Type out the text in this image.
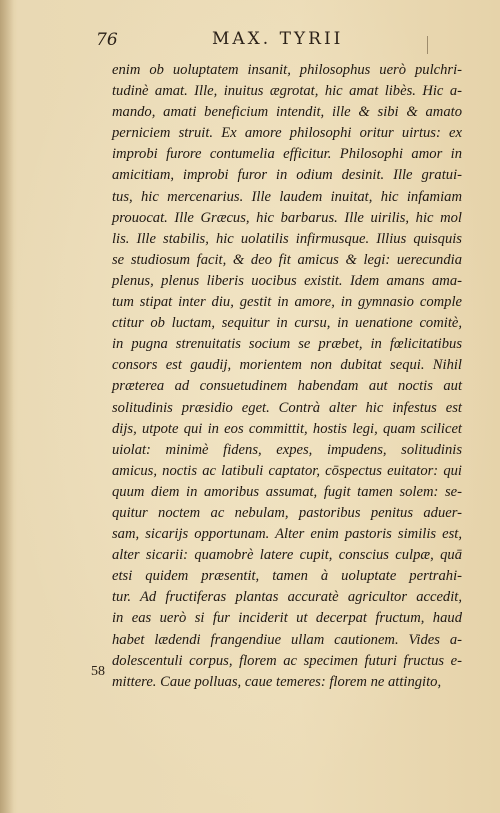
76	MAX. TYRII
58
enim ob uoluptatem insanit, philosophus uerò pulchri-
tudinè amat. Ille, inuitus ægrotat, hic amat libès. Hic a-
mando, amati beneficium intendit, ille & sibi & amato
perniciem struit. Ex amore philosophi oritur uirtus: ex
improbi furore contumelia efficitur. Philosophi amor in
amicitiam, improbi furor in odium desinit. Ille gratui-
tus, hic mercenarius. Ille laudem inuitat, hic infamiam
prouocat. Ille Græcus, hic barbarus. Ille uirilis, hic mol
lis. Ille stabilis, hic uolatilis infirmusque. Illius quisquis
se studiosum facit, & deo fit amicus & legi: uerecundia
plenus, plenus liberis uocibus existit. Idem amans ama-
tum stipat inter diu, gestit in amore, in gymnasio comple
ctitur ob luctam, sequitur in cursu, in uenatione comitè,
in pugna strenuitatis socium se præbet, in fœlicitatibus
consors est gaudij, morientem non dubitat sequi. Nihil
præterea ad consuetudinem habendam aut noctis aut
solitudinis præsidio eget. Contrà alter hic infestus est
dijs, utpote qui in eos committit, hostis legi, quam scilicet
uiolat: minimè fidens, expes, impudens, solitudinis
amicus, noctis ac latibuli captator, cōspectus euitator: qui
quum diem in amoribus assumat, fugit tamen solem: se-
quitur noctem ac nebulam, pastoribus penitus aduer-
sam, sicarijs opportunam. Alter enim pastoris similis est,
alter sicarii: quamobrè latere cupit, conscius culpæ, quā
etsi quidem præsentit, tamen à uoluptate pertrahi-
tur. Ad fructiferas plantas accuratè agricultor accedit,
in eas uerò si fur inciderit ut decerpat fructum, haud
habet lædendi frangendiue ullam cautionem. Vides a-
dolescentuli corpus, florem ac specimen futuri fructus e-
mittere. Caue polluas, caue temeres: florem ne attingito,
